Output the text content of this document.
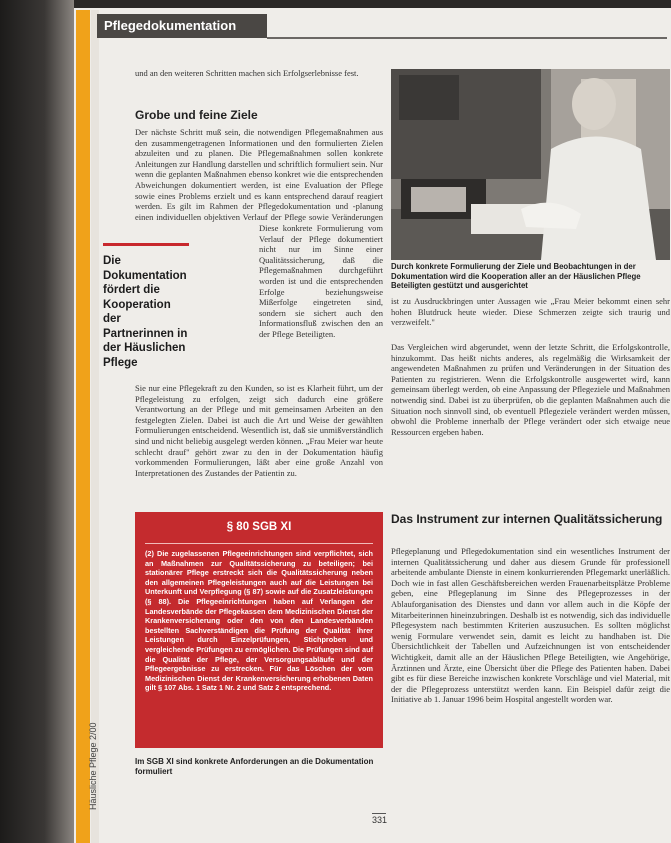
Pflegedokumentation
Häusliche Pflege 2/00
und an den weiteren Schritten machen sich Erfolgserlebnisse fest.
Grobe und feine Ziele
Der nächste Schritt muß sein, die notwendigen Pflegemaßnahmen aus den zusammengetragenen Informationen und den formulierten Zielen abzuleiten und zu planen. Die Pflegemaßnahmen sollen konkrete Anleitungen zur Handlung darstellen und schriftlich formuliert sein. Nur wenn die geplanten Maßnahmen ebenso konkret wie die entsprechenden Abweichungen dokumentiert werden, ist eine Evaluation der Pflege sowie eines Problems erzielt und es kann entsprechend darauf reagiert werden. Es gilt im Rahmen der Pflegedokumentation und -planung einen individuellen objektiven Verlauf der Pflege sowie Veränderungen
Diese konkrete Formulierung vom Verlauf der Pflege dokumentiert nicht nur im Sinne einer Qualitätssicherung, daß die Pflegemaßnahmen durchgeführt worden ist und die entsprechenden Erfolge beziehungsweise Mißerfolge eingetreten sind, sondern sie sichert auch den Informationsfluß zwischen den an der Pflege Beteiligten.
Sie nur eine Pflegekraft zu den Kunden, so ist es Klarheit führt, um der Pflegeleistung zu erfolgen, zeigt sich dadurch eine größere Verantwortung an der Pflege und mit gemeinsamen Arbeiten an den festgelegten Zielen. Dabei ist auch die Art und Weise der gewählten Formulierungen entscheidend. Wesentlich ist, daß sie unmißverständlich sind und nicht beliebig ausgelegt werden können. „Frau Meier war heute schlecht drauf" gehört zwar zu den in der Dokumentation häufig vorkommenden Formulierungen, läßt aber eine große Anzahl von Interpretationen des Zustandes der Patientin zu.
Die Dokumentation fördert die Kooperation der Partnerinnen in der Häuslichen Pflege
Durch konkrete Formulierung der Ziele und Beobachtungen in der Dokumentation wird die Kooperation aller an der Häuslichen Pflege Beteiligten gestützt und ausgerichtet
ist zu Ausdruckbringen unter Aussagen wie „Frau Meier bekommt einen sehr hohen Blutdruck heute wieder. Diese Schmerzen zeigte sich traurig und verzweifelt."
Das Vergleichen wird abgerundet, wenn der letzte Schritt, die Erfolgskontrolle, hinzukommt. Das heißt nichts anderes, als regelmäßig die Wirksamkeit der angewendeten Maßnahmen zu prüfen und Veränderungen in der Situation des Patienten zu registrieren. Wenn die Erfolgskontrolle ausgewertet wird, kann gemeinsam überlegt werden, ob eine Anpassung der Pflegeziele und Maßnahmen notwendig sind. Dabei ist zu überprüfen, ob die geplanten Maßnahmen auch die Situation noch sinnvoll sind, ob eventuell Pflegeziele verändert werden müssen, obwohl die Probleme innerhalb der Pflege verändert oder sich etwaige neue Ressourcen ergeben haben.
Das Instrument zur internen Qualitätssicherung
Pflegeplanung und Pflegedokumentation sind ein wesentliches Instrument der internen Qualitätssicherung und daher aus diesem Grunde für professionell arbeitende ambulante Dienste in einem konkurrierenden Pflegemarkt unerläßlich. Doch wie in fast allen Geschäftsbereichen werden Frauenarbeitsplätze Probleme geben, eine Pflegeplanung im Sinne des Pflegeprozesses in der Ablauforganisation des Dienstes und dann vor allem auch in die Köpfe der Mitarbeiterinnen hineinzubringen. Deshalb ist es notwendig, sich das individuelle Pflegesystem nach bestimmten Kriterien auszusuchen. Es sollten möglichst wenig Formulare verwendet sein, damit es leicht zu handhaben ist. Die Übersichtlichkeit der Tabellen und Aufzeichnungen ist von entscheidender Wichtigkeit, damit alle an der Häuslichen Pflege Beteiligten, wie Angehörige, Ärztinnen und Ärzte, eine Übersicht über die Pflege des Patienten haben. Dabei gibt es für diese Bereiche inzwischen konkrete Vorschläge und viel Material, mit der die Pflegeprozess unterstützt werden kann. Ein Beispiel dafür zeigt die Initiative ab 1. Januar 1996 beim Hospital angestellt worden war.
§ 80 SGB XI
(2) Die zugelassenen Pflegeeinrichtungen sind verpflichtet, sich an Maßnahmen zur Qualitätssicherung zu beteiligen; bei stationärer Pflege erstreckt sich die Qualitätssicherung neben den allgemeinen Pflegeleistungen auch auf die Leistungen bei Unterkunft und Verpflegung (§ 87) sowie auf die Zusatzleistungen (§ 88). Die Pflegeeinrichtungen haben auf Verlangen der Landesverbände der Pflegekassen dem Medizinischen Dienst der Krankenversicherung oder den von den Landesverbänden bestellten Sachverständigen die Prüfung der Qualität ihrer Leistungen durch Einzelprüfungen, Stichproben und vergleichende Prüfungen zu ermöglichen. Die Prüfungen sind auf die Qualität der Pflege, der Versorgungsabläufe und der Pflegeergebnisse zu erstrecken. Für das Löschen der vom Medizinischen Dienst der Krankenversicherung erhobenen Daten gilt § 107 Abs. 1 Satz 1 Nr. 2 und Satz 2 entsprechend.
Im SGB XI sind konkrete Anforderungen an die Dokumentation formuliert
331
